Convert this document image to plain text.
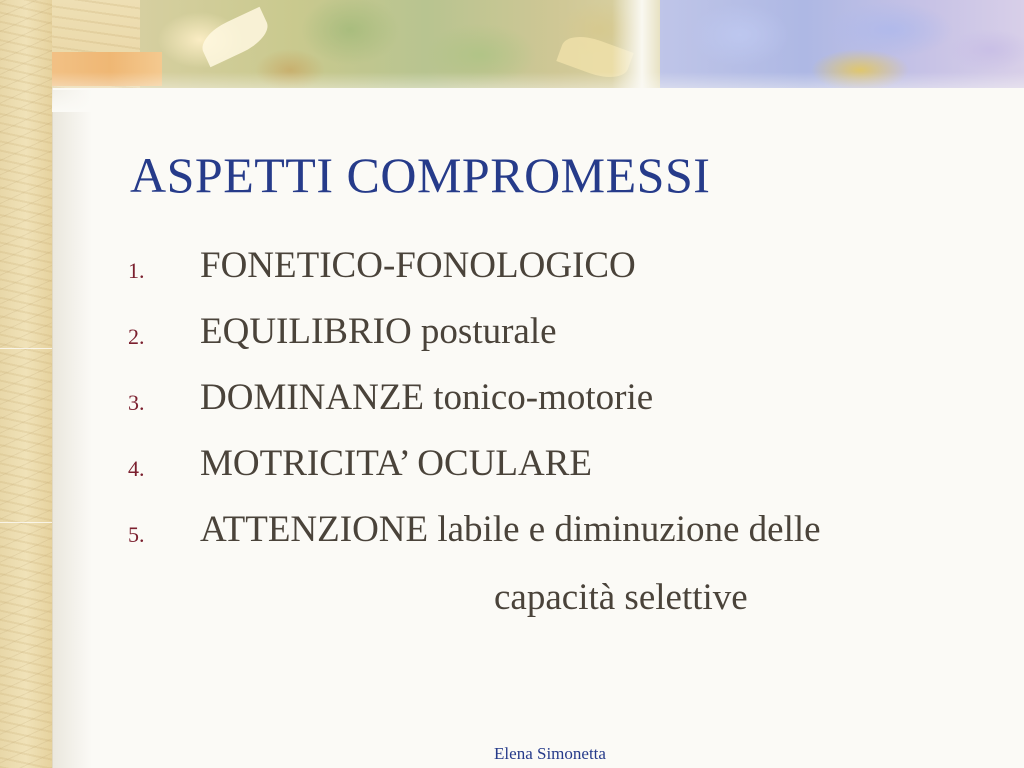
ASPETTI COMPROMESSI
1. FONETICO-FONOLOGICO
2. EQUILIBRIO posturale
3. DOMINANZE tonico-motorie
4. MOTRICITA’ OCULARE
5. ATTENZIONE labile e diminuzione delle
capacità selettive
Elena Simonetta
